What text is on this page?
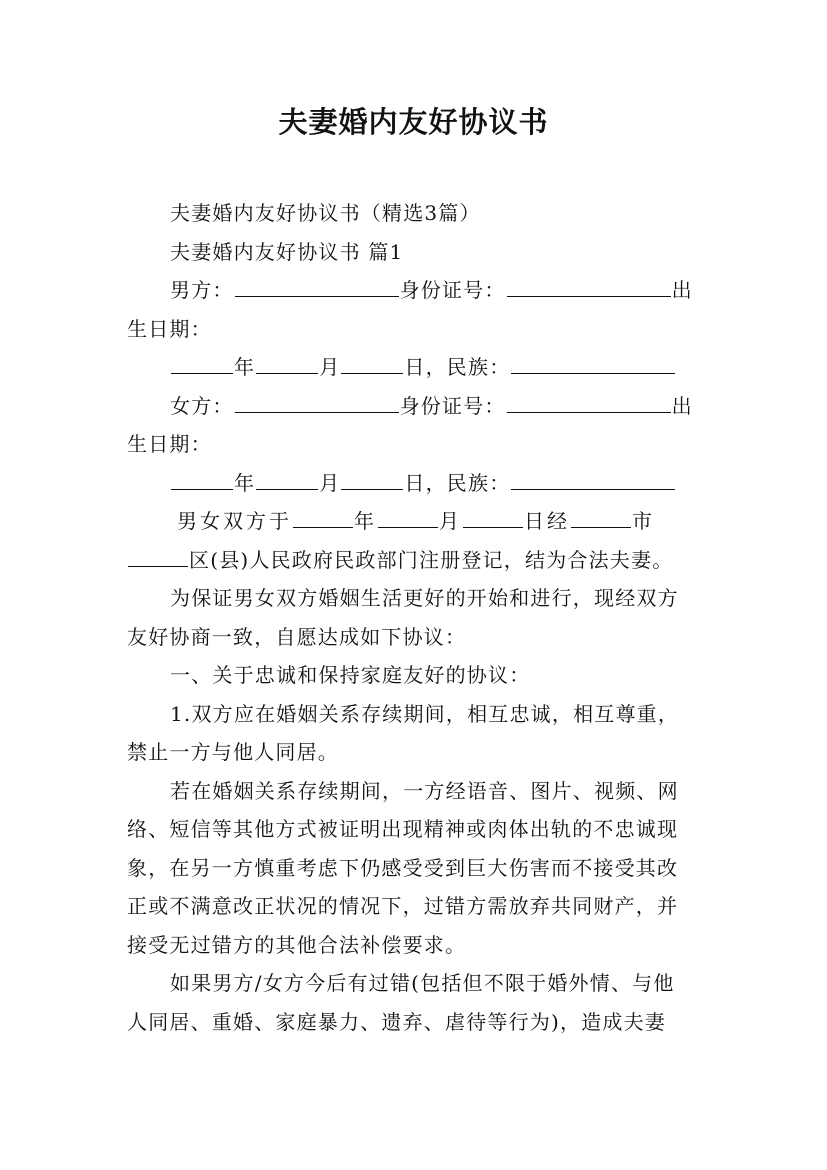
夫妻婚内友好协议书
夫妻婚内友好协议书（精选3篇）
夫妻婚内友好协议书 篇1
男方：	身份证号：	出
生日期：
年	月	日，民族：
女方：	身份证号：	出
生日期：
年	月	日，民族：
男女双方于	年	月	日经	市
区(县)人民政府民政部门注册登记，结为合法夫妻。
为保证男女双方婚姻生活更好的开始和进行，现经双方
友好协商一致，自愿达成如下协议：
一、关于忠诚和保持家庭友好的协议：
1.双方应在婚姻关系存续期间，相互忠诚，相互尊重，
禁止一方与他人同居。
若在婚姻关系存续期间，一方经语音、图片、视频、网
络、短信等其他方式被证明出现精神或肉体出轨的不忠诚现
象，在另一方慎重考虑下仍感受受到巨大伤害而不接受其改
正或不满意改正状况的情况下，过错方需放弃共同财产，并
接受无过错方的其他合法补偿要求。
如果男方/女方今后有过错(包括但不限于婚外情、与他
人同居、重婚、家庭暴力、遗弃、虐待等行为)，造成夫妻
